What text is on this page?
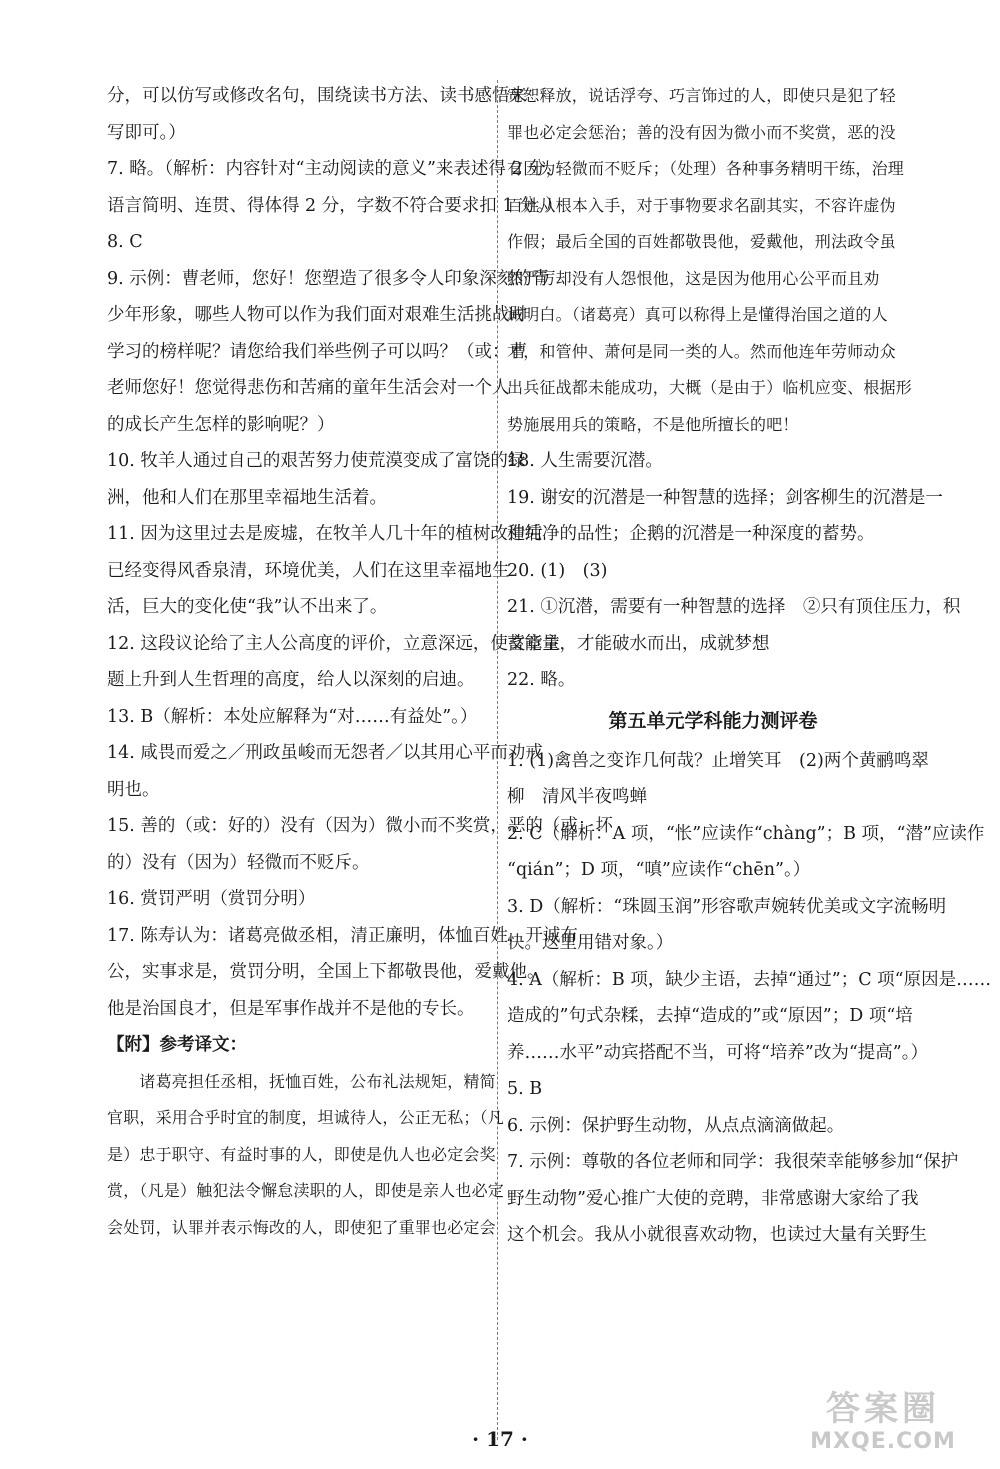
分，可以仿写或修改名句，围绕读书方法、读书感悟来
写即可。）
7. 略。（解析：内容针对“主动阅读的意义”来表述得 2 分，
语言简明、连贯、得体得 2 分，字数不符合要求扣 1 分。）
8. C
9. 示例：曹老师，您好！您塑造了很多令人印象深刻的青
少年形象，哪些人物可以作为我们面对艰难生活挑战时
学习的榜样呢？请您给我们举些例子可以吗？（或：曹
老师您好！您觉得悲伤和苦痛的童年生活会对一个人
的成长产生怎样的影响呢？）
10. 牧羊人通过自己的艰苦努力使荒漠变成了富饶的绿
洲，他和人们在那里幸福地生活着。
11. 因为这里过去是废墟，在牧羊人几十年的植树改造后
已经变得风香泉清，环境优美，人们在这里幸福地生
活，巨大的变化使“我”认不出来了。
12. 这段议论给了主人公高度的评价，立意深远，使文章主
题上升到人生哲理的高度，给人以深刻的启迪。
13. B（解析：本处应解释为“对……有益处”。）
14. 咸畏而爱之／刑政虽峻而无怨者／以其用心平而劝戒
明也。
15. 善的（或：好的）没有（因为）微小而不奖赏，恶的（或：坏
的）没有（因为）轻微而不贬斥。
16. 赏罚严明（赏罚分明）
17. 陈寿认为：诸葛亮做丞相，清正廉明，体恤百姓，开诚布
公，实事求是，赏罚分明，全国上下都敬畏他，爱戴他。
他是治国良才，但是军事作战并不是他的专长。
【附】参考译文：
　　诸葛亮担任丞相，抚恤百姓，公布礼法规矩，精简
官职，采用合乎时宜的制度，坦诚待人，公正无私；（凡
是）忠于职守、有益时事的人，即使是仇人也必定会奖
赏，（凡是）触犯法令懈怠渎职的人，即使是亲人也必定
会处罚，认罪并表示悔改的人，即使犯了重罪也必定会
宽恕释放，说话浮夸、巧言饰过的人，即使只是犯了轻
罪也必定会惩治；善的没有因为微小而不奖赏，恶的没
有因为轻微而不贬斥；（处理）各种事务精明干练，治理
百姓从根本入手，对于事物要求名副其实，不容许虚伪
作假；最后全国的百姓都敬畏他，爱戴他，刑法政令虽
然严厉却没有人怨恨他，这是因为他用心公平而且劝
诫明白。（诸葛亮）真可以称得上是懂得治国之道的人
才，和管仲、萧何是同一类的人。然而他连年劳师动众
出兵征战都未能成功，大概（是由于）临机应变、根据形
势施展用兵的策略，不是他所擅长的吧！
18. 人生需要沉潜。
19. 谢安的沉潜是一种智慧的选择；剑客柳生的沉潜是一
种纯净的品性；企鹅的沉潜是一种深度的蓄势。
20. (1)　(3)
21. ①沉潜，需要有一种智慧的选择　②只有顶住压力，积
蓄能量，才能破水而出，成就梦想
22. 略。
第五单元学科能力测评卷
1. (1)禽兽之变诈几何哉？止增笑耳　(2)两个黄鹂鸣翠
柳　清风半夜鸣蝉
2. C（解析：A 项，“怅”应读作“chàng”；B 项，“潜”应读作
“qián”；D 项，“嗔”应读作“chēn”。）
3. D（解析：“珠圆玉润”形容歌声婉转优美或文字流畅明
快。这里用错对象。）
4. A（解析：B 项，缺少主语，去掉“通过”；C 项“原因是……
造成的”句式杂糅，去掉“造成的”或“原因”；D 项“培
养……水平”动宾搭配不当，可将“培养”改为“提高”。）
5. B
6. 示例：保护野生动物，从点点滴滴做起。
7. 示例：尊敬的各位老师和同学：我很荣幸能够参加“保护
野生动物”爱心推广大使的竞聘，非常感谢大家给了我
这个机会。我从小就很喜欢动物，也读过大量有关野生
· 17 ·
答案圈
MXQE.COM
